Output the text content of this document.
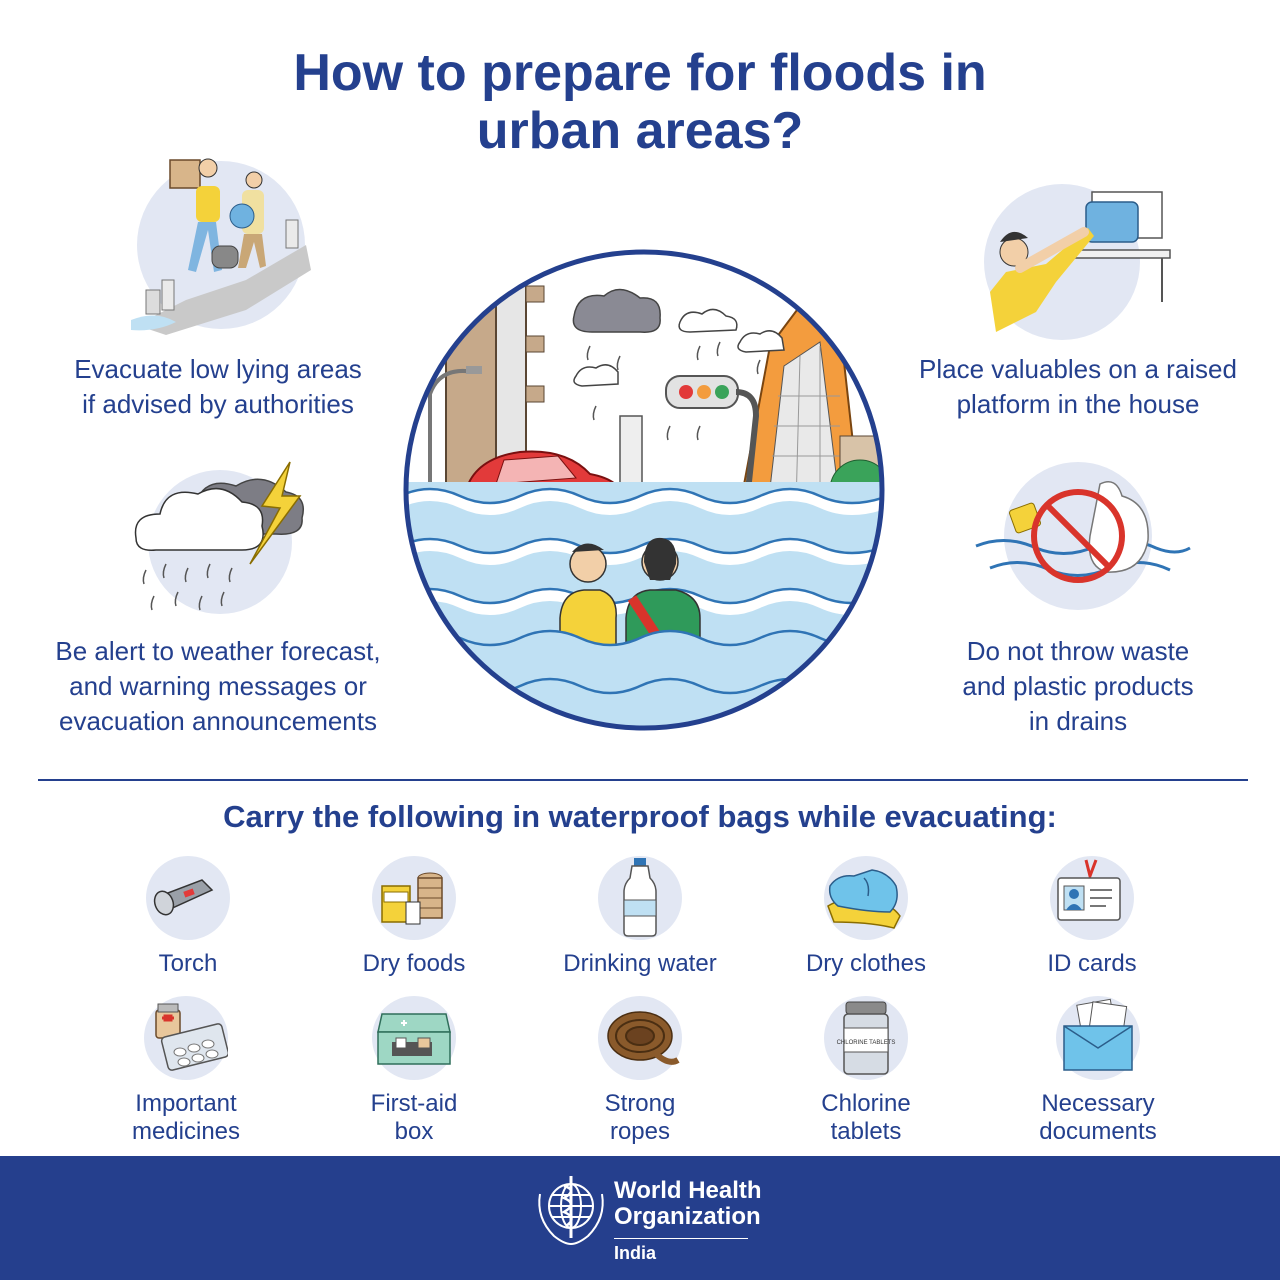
How to prepare for floods in
urban areas?
Evacuate low lying areas
if advised by authorities
Place valuables on a raised
platform in the house
Be alert to weather forecast,
and warning messages or
evacuation announcements
Do not throw waste
and plastic products
in drains
Carry the following in waterproof bags while evacuating:
Torch	Dry foods	Drinking water	Dry clothes	ID cards
Important
medicines
First-aid
box
Strong
ropes
CHLORINE TABLETS
Chlorine
tablets
Necessary
documents
World Health
Organization
India
